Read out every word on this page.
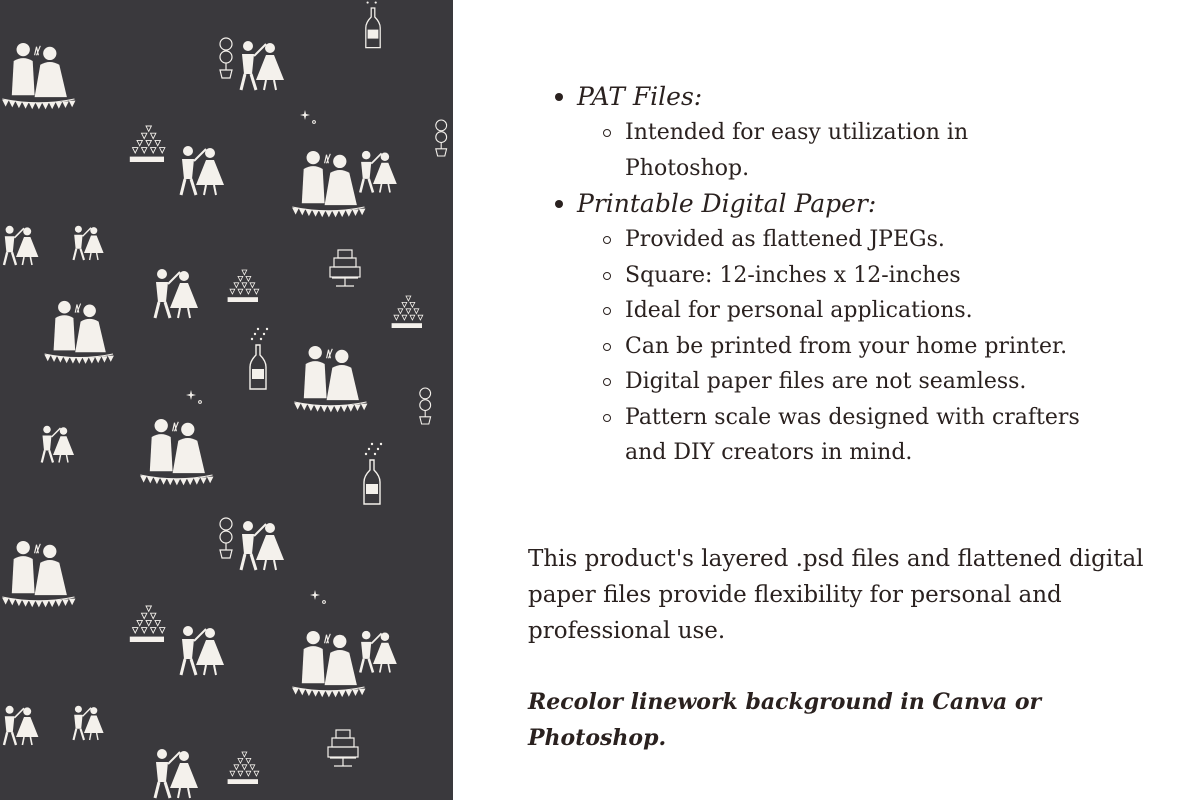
PAT Files:
Intended for easy utilization in Photoshop.
Printable Digital Paper:
Provided as flattened JPEGs.
Square: 12-inches x 12-inches
Ideal for personal applications.
Can be printed from your home printer.
Digital paper files are not seamless.
Pattern scale was designed with crafters and DIY creators in mind.

This product's layered .psd files and flattened digital paper files provide flexibility for personal and professional use.

Recolor linework background in Canva or Photoshop.
